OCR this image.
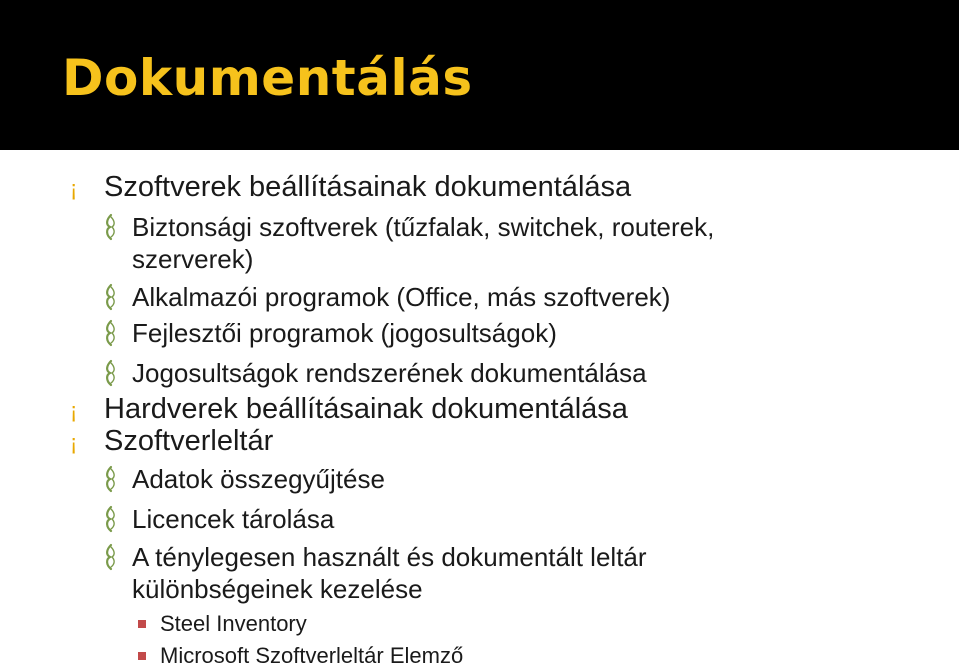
Dokumentálás
¡ Szoftverek beállításainak dokumentálása
Biztonsági szoftverek (tűzfalak, switchek, routerek,
szerverek)
Alkalmazói programok (Office, más szoftverek)
Fejlesztői programok (jogosultságok)
Jogosultságok rendszerének dokumentálása
¡ Hardverek beállításainak dokumentálása
¡ Szoftverleltár
Adatok összegyűjtése
Licencek tárolása
A ténylegesen használt és dokumentált leltár
különbségeinek kezelése
Steel Inventory
Microsoft Szoftverleltár Elemző
